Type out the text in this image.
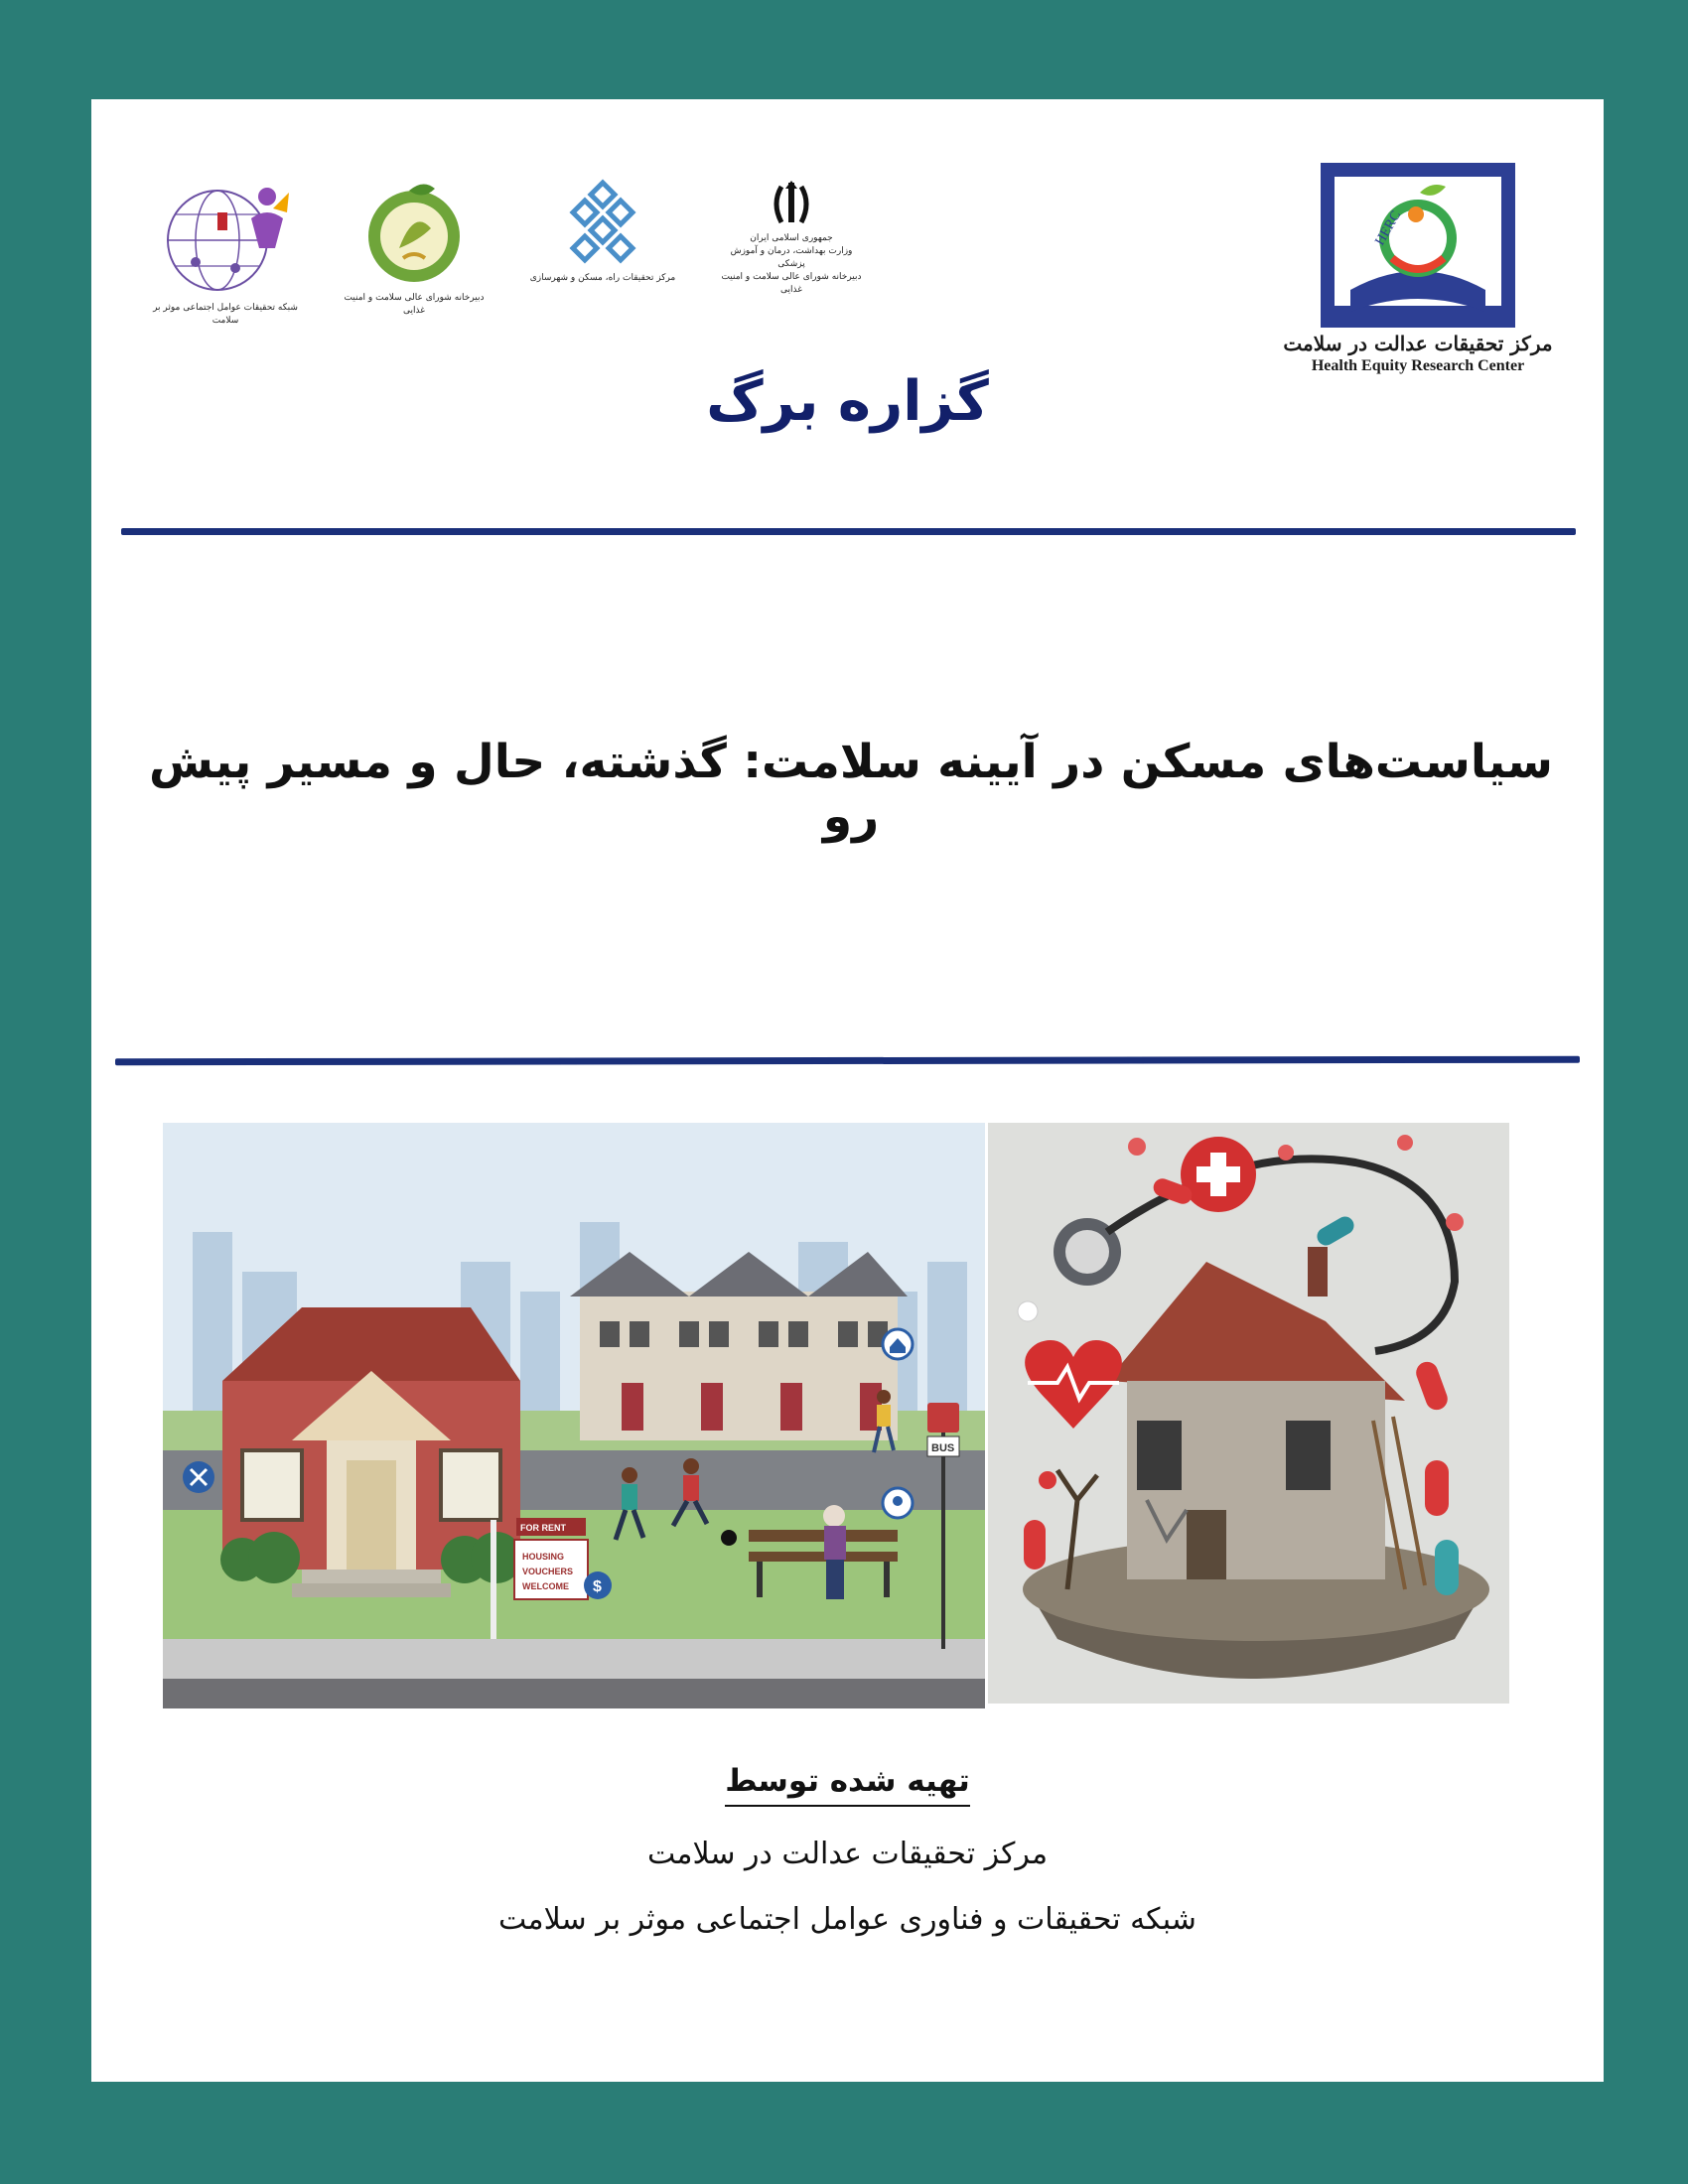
جمهوری اسلامی ایران
وزارت بهداشت، درمان و آموزش پزشکی
دبیرخانه شورای عالی سلامت و امنیت غذایی
مرکز تحقیقات راه، مسکن و شهرسازی
دبیرخانه شورای عالی سلامت و امنیت غذایی
شبکه تحقیقات عوامل اجتماعی موثر بر سلامت
HERC
مرکز تحقیقات عدالت در سلامت
Health Equity Research Center
گزاره برگ
سیاست‌های مسکن در آیینه سلامت: گذشته، حال و مسیر پیش رو
FOR RENT
HOUSING
VOUCHERS
WELCOME $
BUS
تهیه شده توسط
مرکز تحقیقات عدالت در سلامت
شبکه تحقیقات و فناوری عوامل اجتماعی موثر بر سلامت
